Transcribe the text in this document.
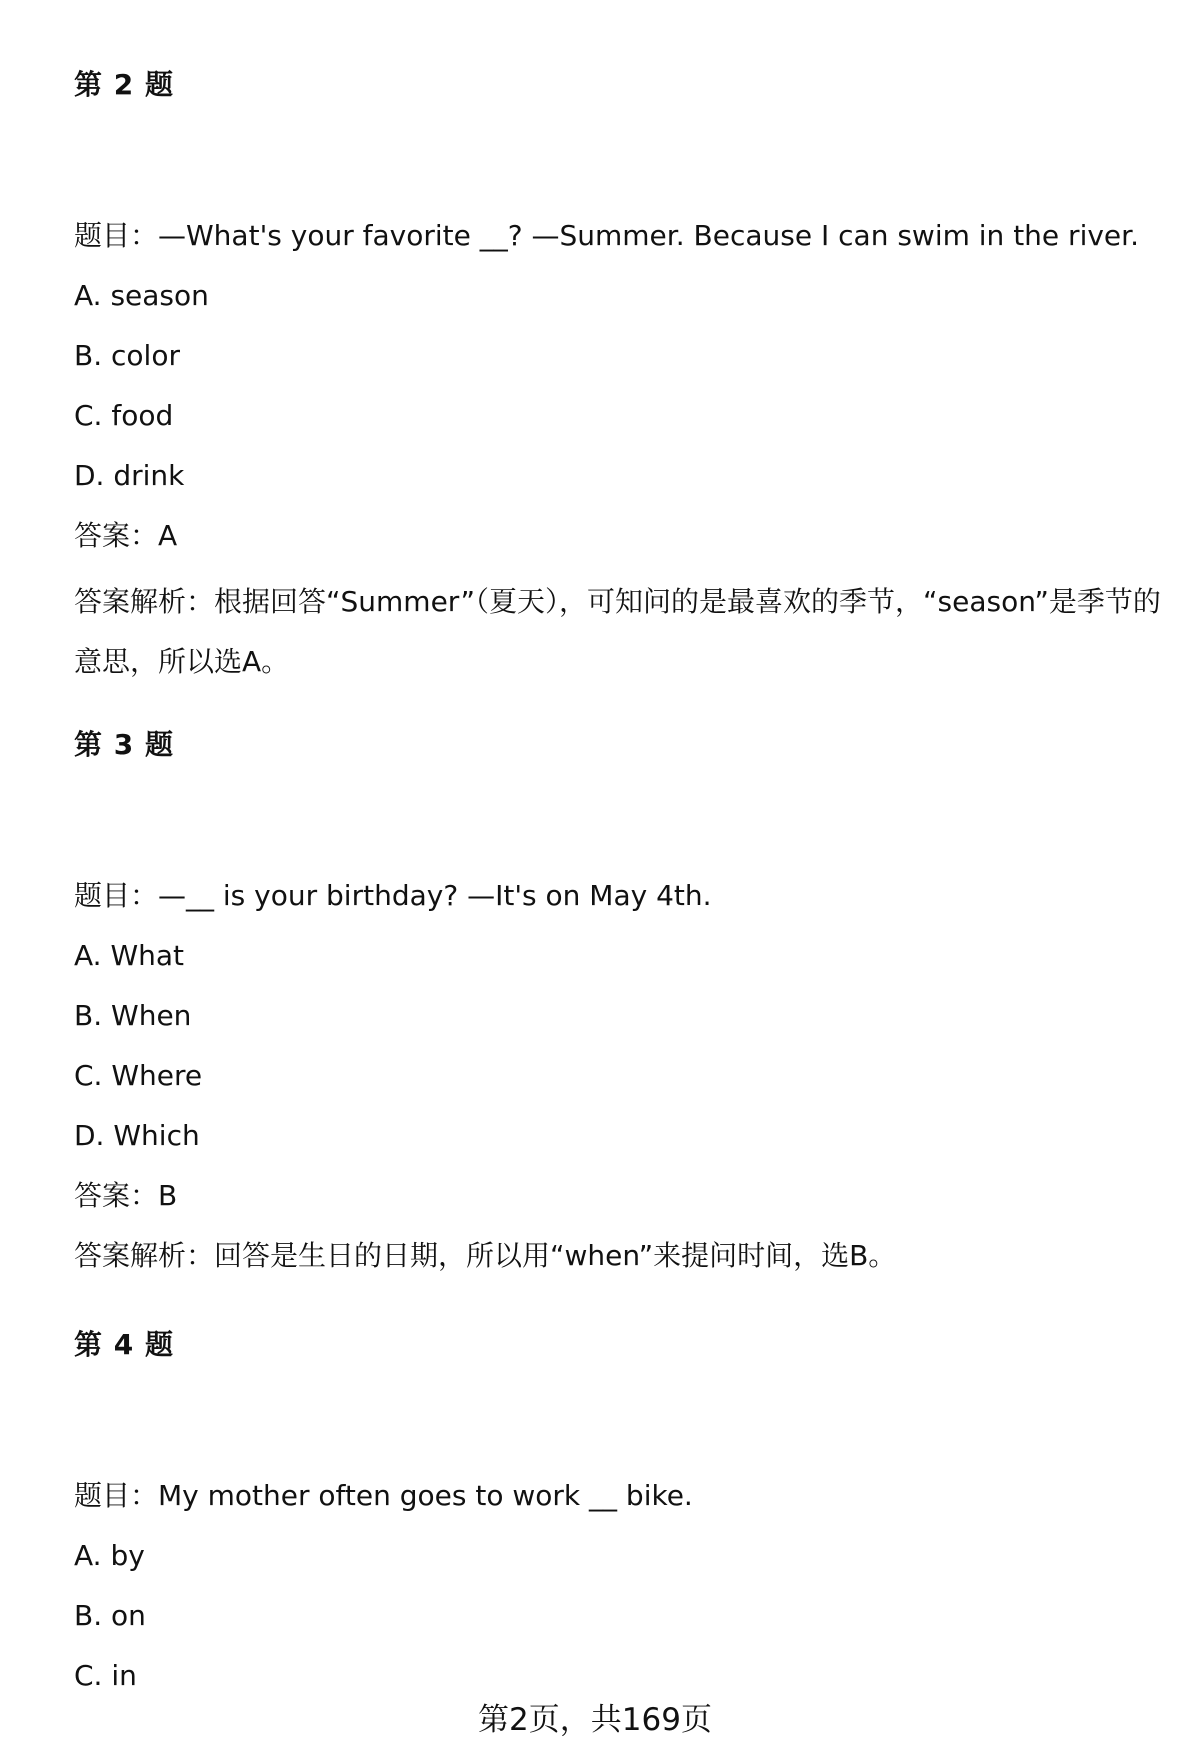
第 2 题
题目：—What's your favorite __? —Summer. Because I can swim in the river.
A. season
B. color
C. food
D. drink
答案：A
答案解析：根据回答“Summer”（夏天），可知问的是最喜欢的季节，“season”是季节的意思，所以选A。
第 3 题
题目：—__ is your birthday? —It's on May 4th.
A. What
B. When
C. Where
D. Which
答案：B
答案解析：回答是生日的日期，所以用“when”来提问时间，选B。
第 4 题
题目：My mother often goes to work __ bike.
A. by
B. on
C. in
第2页，共169页
